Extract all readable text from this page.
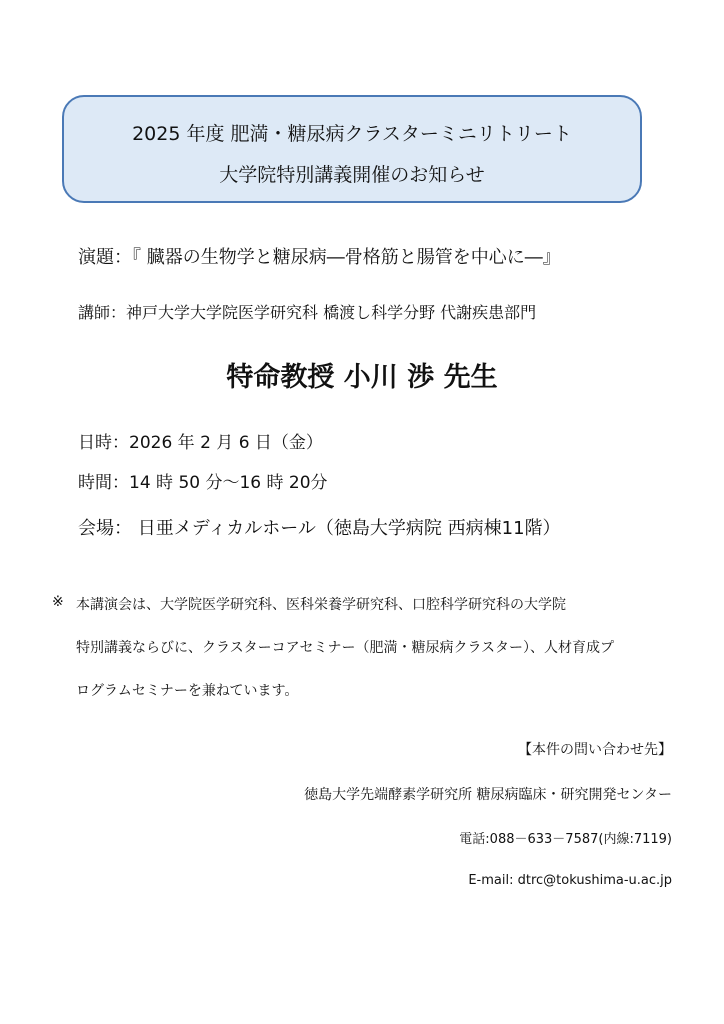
2025 年度 肥満・糖尿病クラスターミニリトリート
大学院特別講義開催のお知らせ
演題：『 臓器の生物学と糖尿病―骨格筋と腸管を中心に―』
講師：神戸大学大学院医学研究科 橋渡し科学分野 代謝疾患部門
特命教授 小川 渉 先生
日時：2026 年 2 月 6 日（金）
時間：14 時 50 分～16 時 20分
会場： 日亜メディカルホール（徳島大学病院 西病棟11階）
※ 本講演会は、大学院医学研究科、医科栄養学研究科、口腔科学研究科の大学院
特別講義ならびに、クラスターコアセミナー（肥満・糖尿病クラスター）、人材育成プ
ログラムセミナーを兼ねています。
【本件の問い合わせ先】
徳島大学先端酵素学研究所 糖尿病臨床・研究開発センター
電話:088－633－7587(内線:7119)
E-mail: dtrc@tokushima-u.ac.jp
